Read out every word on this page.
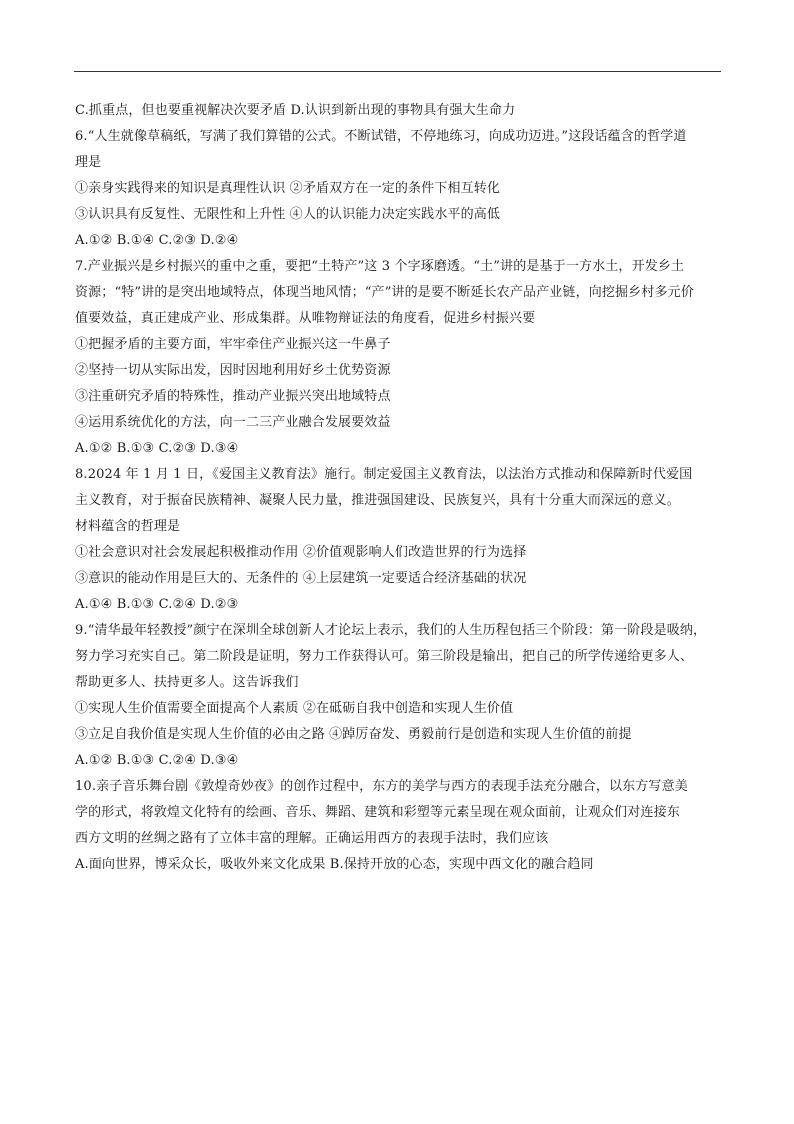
C.抓重点，但也要重视解决次要矛盾 D.认识到新出现的事物具有强大生命力
6.“人生就像草稿纸，写满了我们算错的公式。不断试错，不停地练习，向成功迈进。”这段话蕴含的哲学道
理是
①亲身实践得来的知识是真理性认识 ②矛盾双方在一定的条件下相互转化
③认识具有反复性、无限性和上升性 ④人的认识能力决定实践水平的高低
A.①② B.①④ C.②③ D.②④
7.产业振兴是乡村振兴的重中之重，要把“土特产”这 3 个字琢磨透。“土”讲的是基于一方水土，开发乡土
资源；“特”讲的是突出地域特点，体现当地风情；“产”讲的是要不断延长农产品产业链，向挖掘乡村多元价
值要效益，真正建成产业、形成集群。从唯物辩证法的角度看，促进乡村振兴要
①把握矛盾的主要方面，牢牢牵住产业振兴这一牛鼻子
②坚持一切从实际出发，因时因地利用好乡土优势资源
③注重研究矛盾的特殊性，推动产业振兴突出地域特点
④运用系统优化的方法，向一二三产业融合发展要效益
A.①② B.①③ C.②③ D.③④
8.2024 年 1 月 1 日，《爱国主义教育法》施行。制定爱国主义教育法，以法治方式推动和保障新时代爱国
主义教育，对于振奋民族精神、凝聚人民力量，推进强国建设、民族复兴，具有十分重大而深远的意义。
材料蕴含的哲理是
①社会意识对社会发展起积极推动作用 ②价值观影响人们改造世界的行为选择
③意识的能动作用是巨大的、无条件的 ④上层建筑一定要适合经济基础的状况
A.①④ B.①③ C.②④ D.②③
9.“清华最年轻教授”颜宁在深圳全球创新人才论坛上表示，我们的人生历程包括三个阶段：第一阶段是吸纳，
努力学习充实自己。第二阶段是证明，努力工作获得认可。第三阶段是输出，把自己的所学传递给更多人、
帮助更多人、扶持更多人。这告诉我们
①实现人生价值需要全面提高个人素质 ②在砥砺自我中创造和实现人生价值
③立足自我价值是实现人生价值的必由之路 ④踔厉奋发、勇毅前行是创造和实现人生价值的前提
A.①② B.①③ C.②④ D.③④
10.亲子音乐舞台剧《敦煌奇妙夜》的创作过程中，东方的美学与西方的表现手法充分融合，以东方写意美
学的形式，将敦煌文化特有的绘画、音乐、舞蹈、建筑和彩塑等元素呈现在观众面前，让观众们对连接东
西方文明的丝绸之路有了立体丰富的理解。正确运用西方的表现手法时，我们应该
A.面向世界，博采众长，吸收外来文化成果 B.保持开放的心态，实现中西文化的融合趋同
